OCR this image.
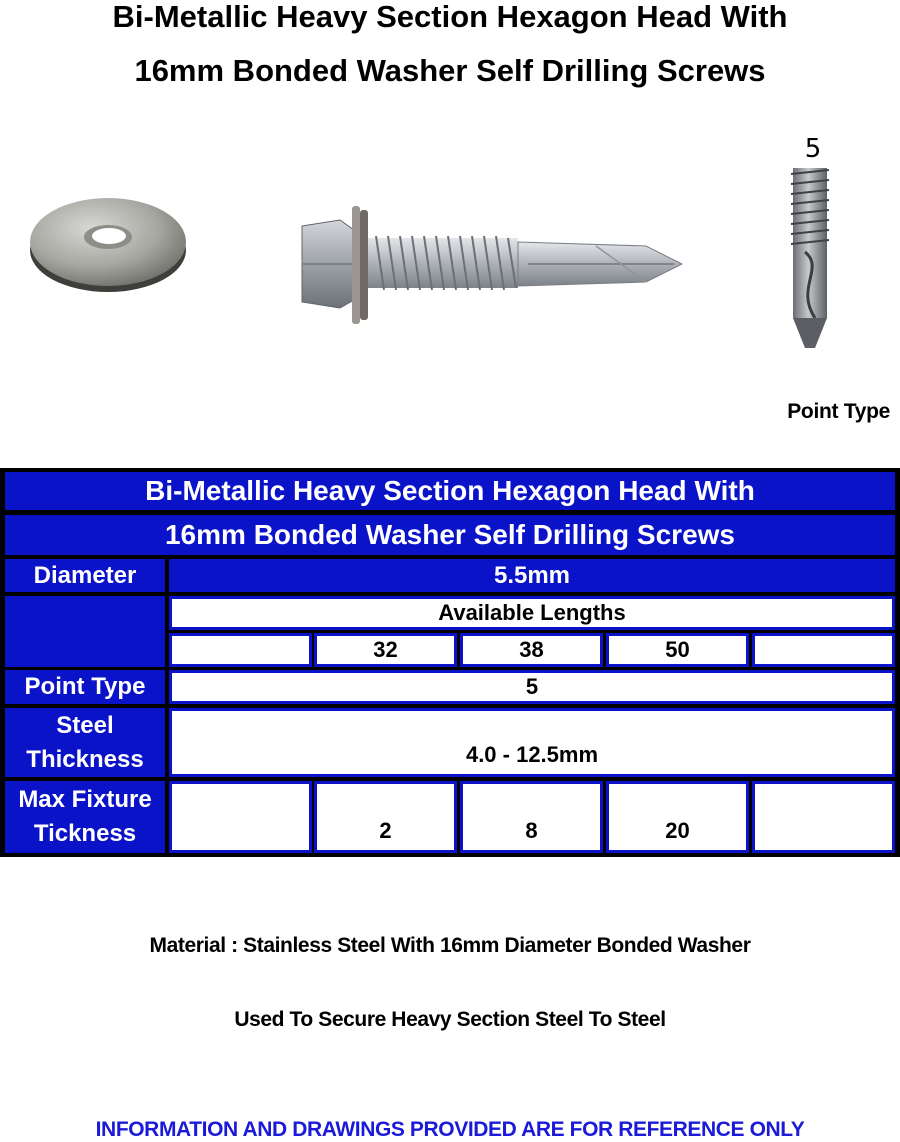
Bi-Metallic Heavy Section Hexagon Head With
16mm Bonded Washer Self Drilling Screws
5
Point Type
Bi-Metallic Heavy Section Hexagon Head With
16mm Bonded Washer Self Drilling Screws
Diameter	5.5mm
Available Lengths
32	38	50
Point Type	5
Steel
Thickness	4.0 - 12.5mm
Max Fixture
Tickness	2	8	20
Material : Stainless Steel With 16mm Diameter Bonded Washer
Used To Secure Heavy Section Steel To Steel
INFORMATION AND DRAWINGS PROVIDED ARE FOR REFERENCE ONLY
